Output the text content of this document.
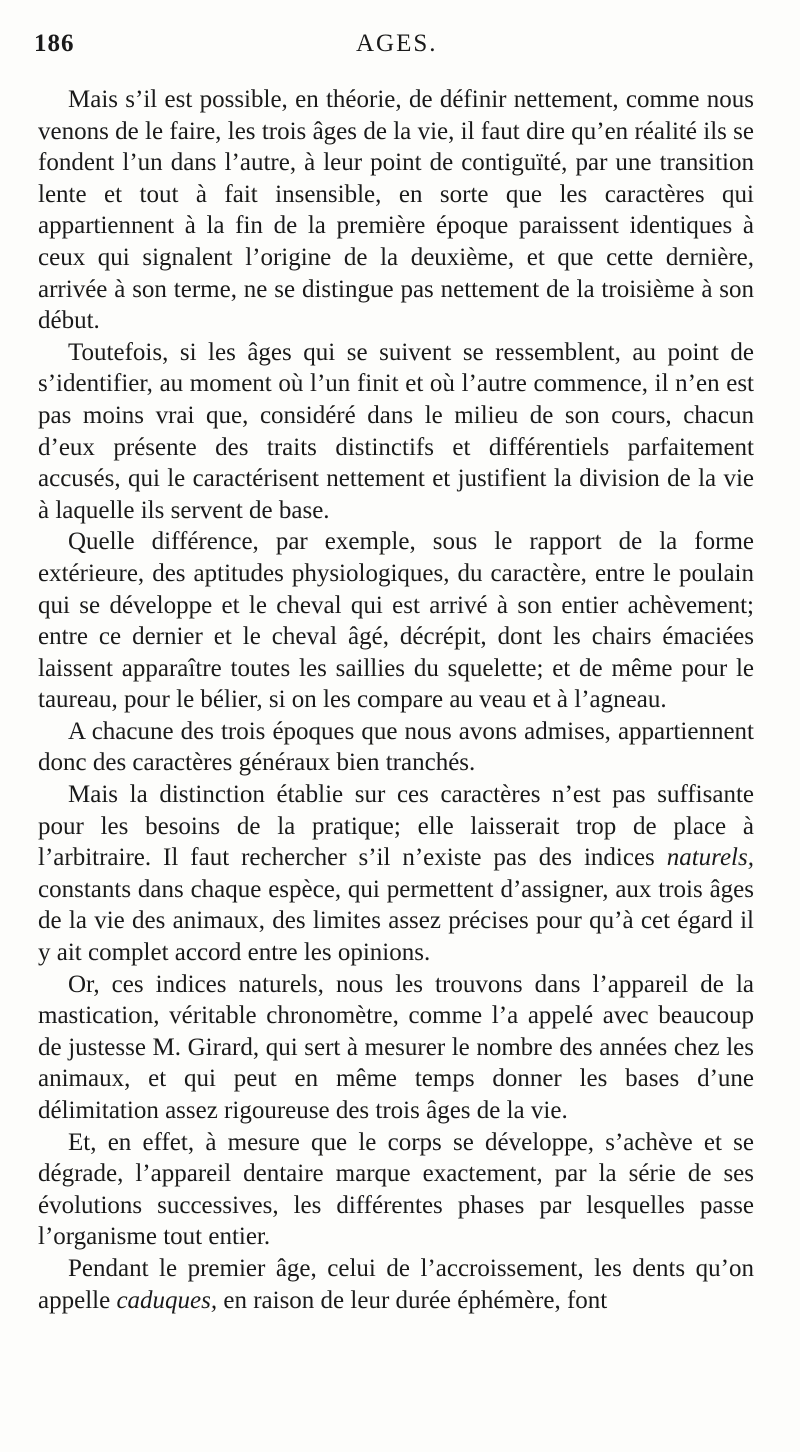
186	AGES.

Mais s’il est possible, en théorie, de définir nettement, comme nous venons de le faire, les trois âges de la vie, il faut dire qu’en réalité ils se fondent l’un dans l’autre, à leur point de contiguïté, par une transition lente et tout à fait insensible, en sorte que les caractères qui appartiennent à la fin de la première époque paraissent identiques à ceux qui signalent l’origine de la deuxième, et que cette dernière, arrivée à son terme, ne se distingue pas nettement de la troisième à son début.

Toutefois, si les âges qui se suivent se ressemblent, au point de s’identifier, au moment où l’un finit et où l’autre commence, il n’en est pas moins vrai que, considéré dans le milieu de son cours, chacun d’eux présente des traits distinctifs et différentiels parfaitement accusés, qui le caractérisent nettement et justifient la division de la vie à laquelle ils servent de base.

Quelle différence, par exemple, sous le rapport de la forme extérieure, des aptitudes physiologiques, du caractère, entre le poulain qui se développe et le cheval qui est arrivé à son entier achèvement; entre ce dernier et le cheval âgé, décrépit, dont les chairs émaciées laissent apparaître toutes les saillies du squelette; et de même pour le taureau, pour le bélier, si on les compare au veau et à l’agneau.

A chacune des trois époques que nous avons admises, appartiennent donc des caractères généraux bien tranchés.

Mais la distinction établie sur ces caractères n’est pas suffisante pour les besoins de la pratique; elle laisserait trop de place à l’arbitraire. Il faut rechercher s’il n’existe pas des indices naturels, constants dans chaque espèce, qui permettent d’assigner, aux trois âges de la vie des animaux, des limites assez précises pour qu’à cet égard il y ait complet accord entre les opinions.

Or, ces indices naturels, nous les trouvons dans l’appareil de la mastication, véritable chronomètre, comme l’a appelé avec beaucoup de justesse M. Girard, qui sert à mesurer le nombre des années chez les animaux, et qui peut en même temps donner les bases d’une délimitation assez rigoureuse des trois âges de la vie.

Et, en effet, à mesure que le corps se développe, s’achève et se dégrade, l’appareil dentaire marque exactement, par la série de ses évolutions successives, les différentes phases par lesquelles passe l’organisme tout entier.

Pendant le premier âge, celui de l’accroissement, les dents qu’on appelle caduques, en raison de leur durée éphémère, font
